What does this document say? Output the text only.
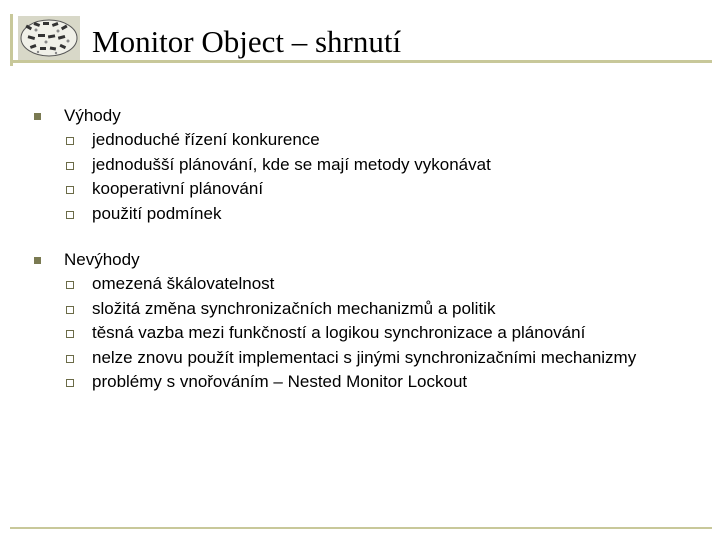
Monitor Object – shrnutí
Výhody
jednoduché řízení konkurence
jednodušší plánování, kde se mají metody vykonávat
kooperativní plánování
použití podmínek
Nevýhody
omezená škálovatelnost
složitá změna synchronizačních mechanizmů a politik
těsná vazba mezi funkčností a logikou synchronizace a plánování
nelze znovu použít implementaci s jinými synchronizačními mechanizmy
problémy s vnořováním – Nested Monitor Lockout
